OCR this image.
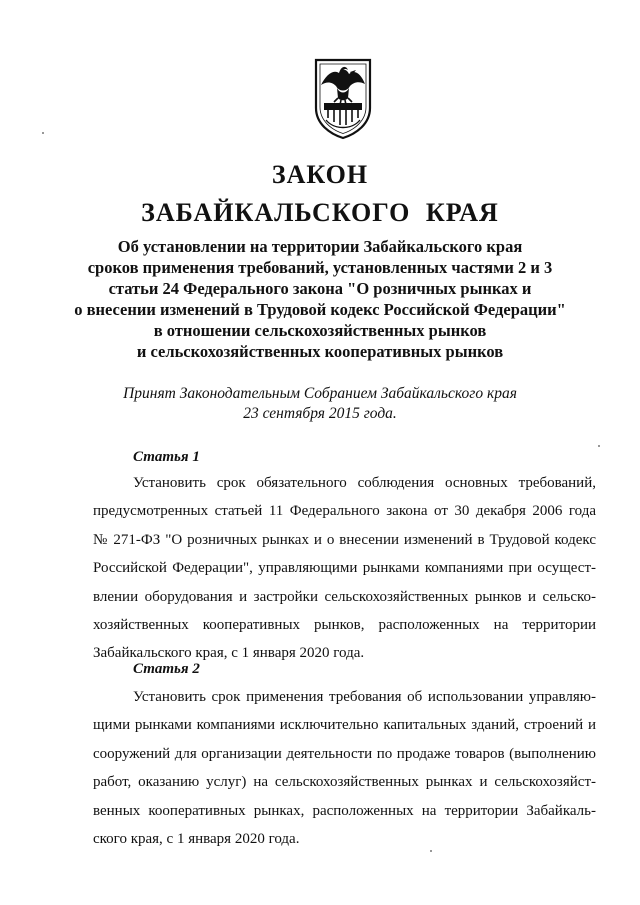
ЗАКОН
ЗАБАЙКАЛЬСКОГО КРАЯ
Об установлении на территории Забайкальского края
сроков применения требований, установленных частями 2 и 3
статьи 24 Федерального закона "О розничных рынках и
о внесении изменений в Трудовой кодекс Российской Федерации"
в отношении сельскохозяйственных рынков
и сельскохозяйственных кооперативных рынков
Принят Законодательным Собранием Забайкальского края
23 сентября 2015 года.

Статья 1

Установить срок обязательного соблюдения основных требований,
предусмотренных статьей 11 Федерального закона от 30 декабря 2006 года
№ 271-ФЗ "О розничных рынках и о внесении изменений в Трудовой кодекс
Российской Федерации", управляющими рынками компаниями при осущест-
влении оборудования и застройки сельскохозяйственных рынков и сельско-
хозяйственных кооперативных рынков, расположенных на территории
Забайкальского края, с 1 января 2020 года.

Статья 2

Установить срок применения требования об использовании управляю-
щими рынками компаниями исключительно капитальных зданий, строений и
сооружений для организации деятельности по продаже товаров (выполнению
работ, оказанию услуг) на сельскохозяйственных рынках и сельскохозяйст-
венных кооперативных рынках, расположенных на территории Забайкаль-
ского края, с 1 января 2020 года.
